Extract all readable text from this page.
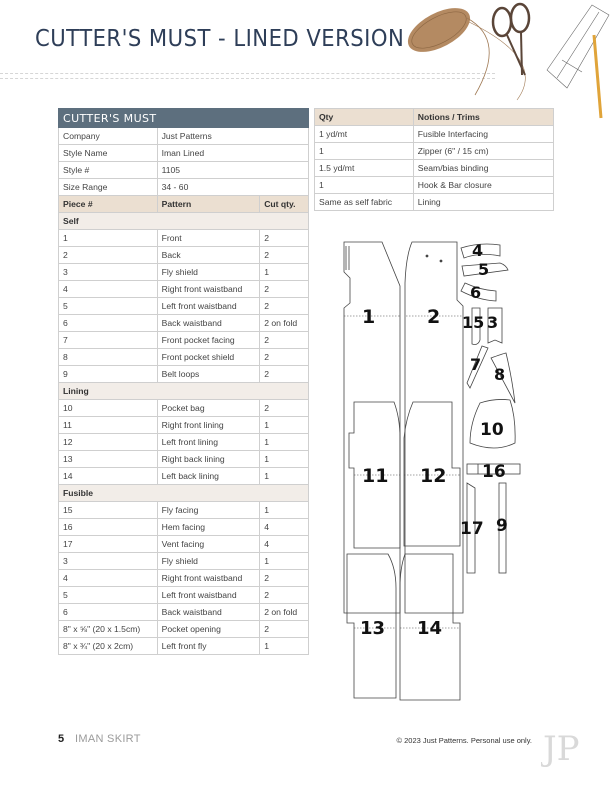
CUTTER'S MUST - LINED VERSION
CUTTER'S MUST		
Company	Just Patterns	
Style Name	Iman Lined	
Style #	1105	
Size Range	34 - 60	
Piece #	Pattern	Cut qty.
Self		
1	Front	2
2	Back	2
3	Fly shield	1
4	Right front waistband	2
5	Left front waistband	2
6	Back waistband	2 on fold
7	Front pocket facing	2
8	Front pocket shield	2
9	Belt loops	2
Lining		
10	Pocket bag	2
11	Right front lining	1
12	Left front lining	1
13	Right back lining	1
14	Left back lining	1
Fusible		
15	Fly facing	1
16	Hem facing	4
17	Vent facing	4
3	Fly shield	1
4	Right front waistband	2
5	Left front waistband	2
6	Back waistband	2 on fold
8" x ⅝" (20 x 1.5cm)	Pocket opening	2
8" x ¾" (20 x 2cm)	Left front fly	1
Qty	Notions / Trims
1 yd/mt	Fusible Interfacing
1	Zipper (6" / 15 cm)
1.5 yd/mt	Seam/bias binding
1	Hook & Bar closure
Same as self fabric	Lining
1	2
4
5
6
15 3
7
8
11 12
10
16
17 9
13 14
5 IMAN SKIRT	© 2023 Just Patterns. Personal use only. JP
